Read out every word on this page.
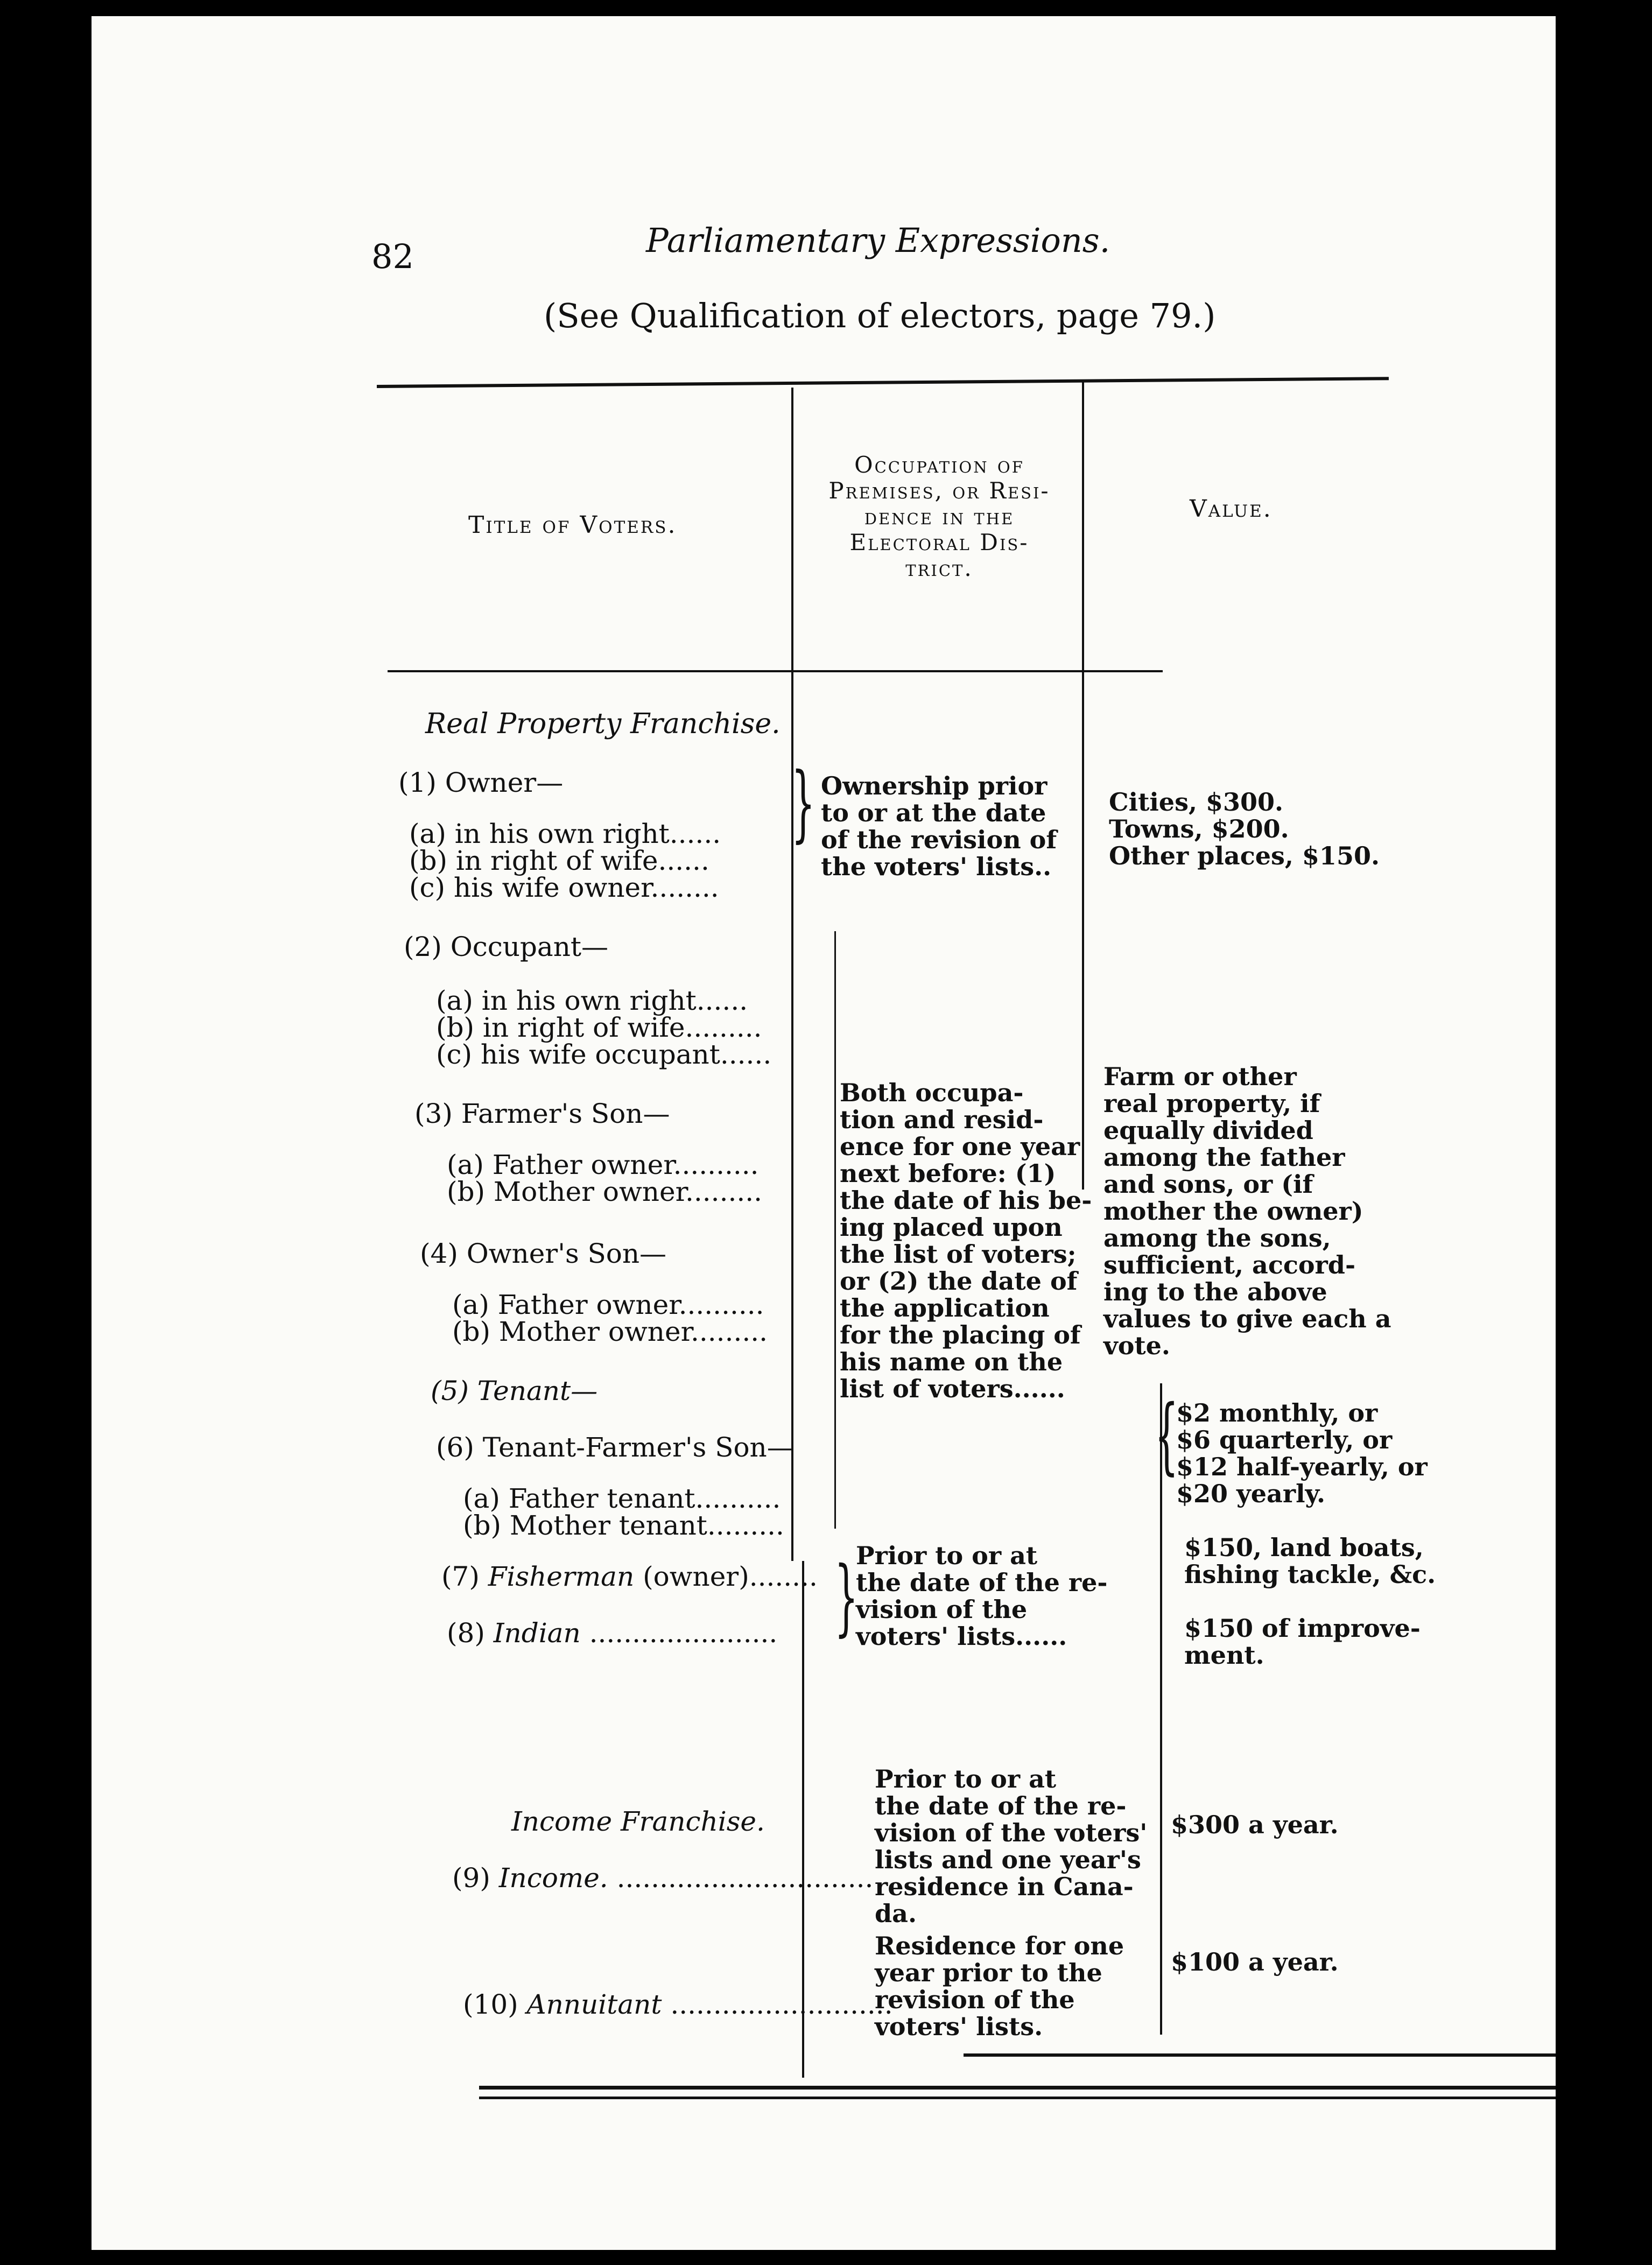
82	Parliamentary Expressions.
(See Qualification of electors, page 79.)
Title of Voters.
Occupation of
Premises, or Resi-
dence in the
Electoral Dis-
trict.
Value.
Real Property Franchise.
(1) Owner—
(a) in his own right......
(b) in right of wife......
(c) his wife owner........
}
(2) Occupant—
(a) in his own right......
(b) in right of wife.........
(c) his wife occupant......
(3) Farmer's Son—
(a) Father owner..........
(b) Mother owner.........
(4) Owner's Son—
(a) Father owner..........
(b) Mother owner.........
(5) Tenant—
(6) Tenant-Farmer's Son—
(a) Father tenant..........
(b) Mother tenant.........
(7) Fisherman (owner)........
(8) Indian ...................... }
Income Franchise.
(9) Income. ..............................
(10) Annuitant ..........................
Ownership prior
to or at the date
of the revision of
the voters' lists..
Both occupa-
tion and resid-
ence for one year
next before: (1)
the date of his be-
ing placed upon
the list of voters;
or (2) the date of
the application
for the placing of
his name on the
list of voters......
Prior to or at
the date of the re-
vision of the
voters' lists......
Prior to or at
the date of the re-
vision of the voters'
lists and one year's
residence in Cana-
da.
Residence for one
year prior to the
revision of the
voters' lists.
Cities, $300.
Towns, $200.
Other places, $150.
Farm or other
real property, if
equally divided
among the father
and sons, or (if
mother the owner)
among the sons,
sufficient, accord-
ing to the above
values to give each a
vote.
{
$2 monthly, or
$6 quarterly, or
$12 half-yearly, or
$20 yearly.
$150, land boats,
fishing tackle, &c.
$150 of improve-
ment.
$300 a year.
$100 a year.
